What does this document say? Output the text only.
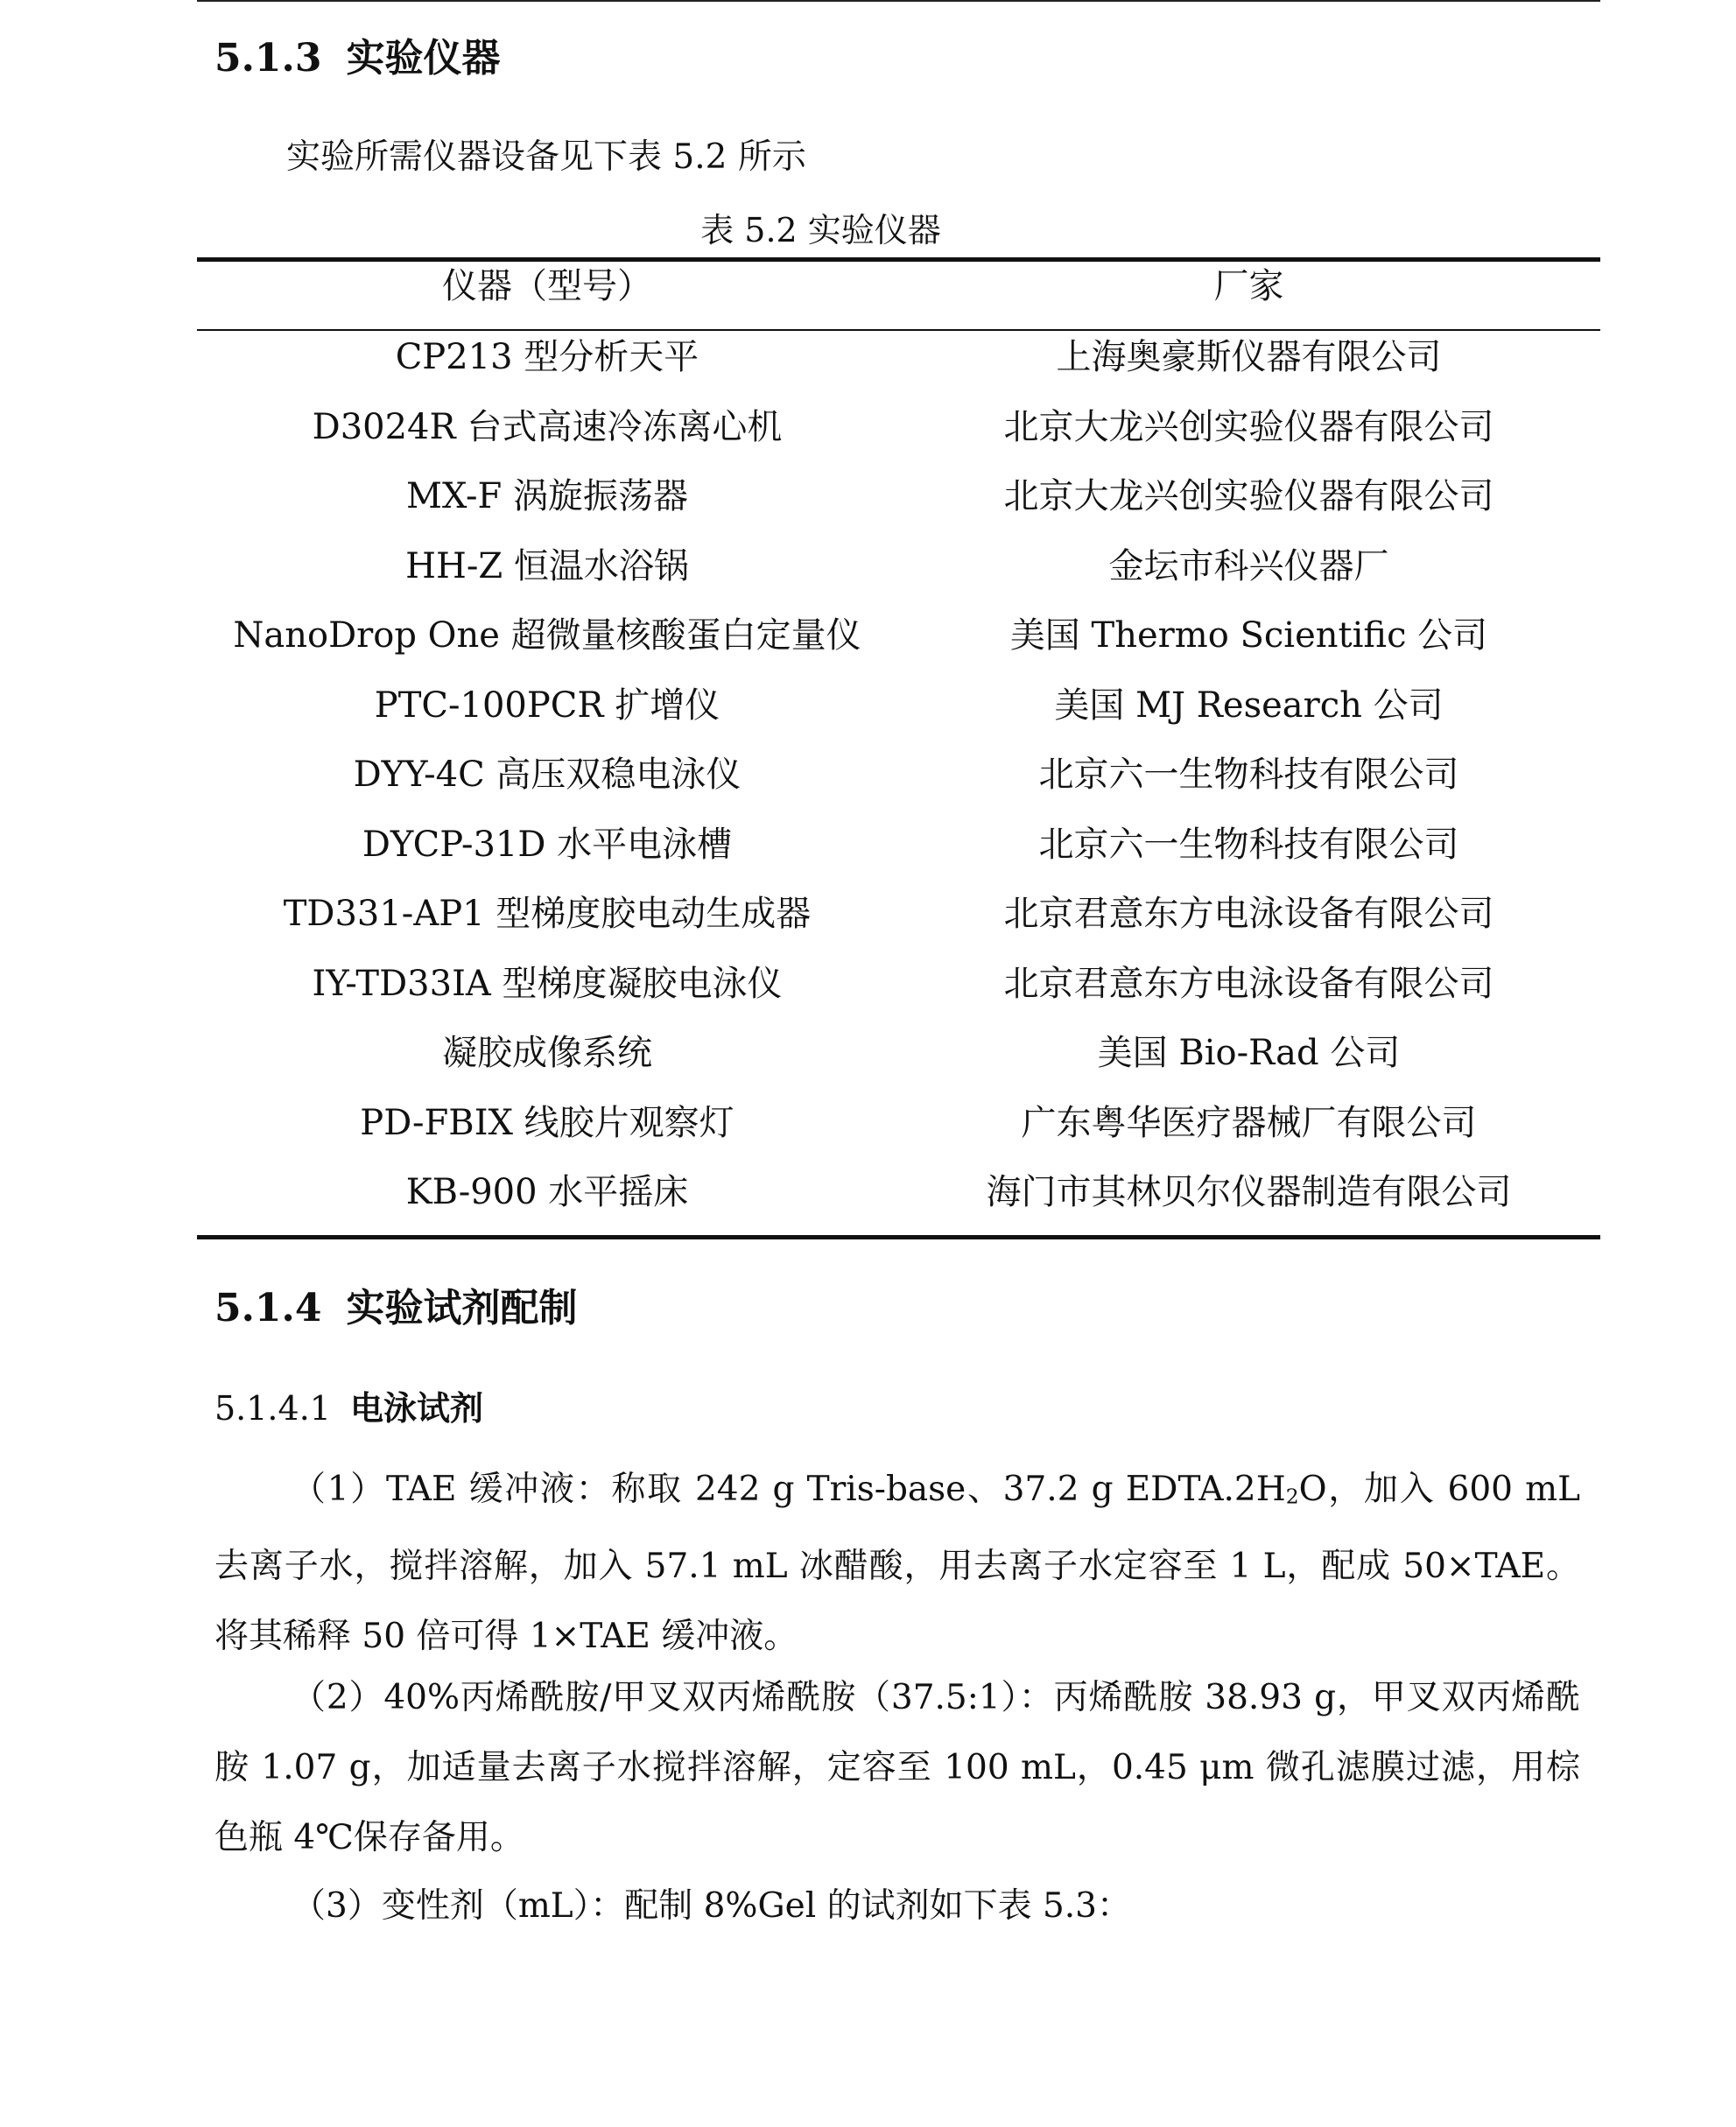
5.1.3 实验仪器
实验所需仪器设备见下表 5.2 所示
表 5.2 实验仪器
仪器（型号）	厂家
CP213 型分析天平	上海奥豪斯仪器有限公司
D3024R 台式高速冷冻离心机	北京大龙兴创实验仪器有限公司
MX-F 涡旋振荡器	北京大龙兴创实验仪器有限公司
HH-Z 恒温水浴锅	金坛市科兴仪器厂
NanoDrop One 超微量核酸蛋白定量仪	美国 Thermo Scientific 公司
PTC-100PCR 扩增仪	美国 MJ Research 公司
DYY-4C 高压双稳电泳仪	北京六一生物科技有限公司
DYCP-31D 水平电泳槽	北京六一生物科技有限公司
TD331-AP1 型梯度胶电动生成器	北京君意东方电泳设备有限公司
IY-TD33IA 型梯度凝胶电泳仪	北京君意东方电泳设备有限公司
凝胶成像系统	美国 Bio-Rad 公司
PD-FBIX 线胶片观察灯	广东粤华医疗器械厂有限公司
KB-900 水平摇床	海门市其林贝尔仪器制造有限公司
5.1.4 实验试剂配制
5.1.4.1 电泳试剂
（1）TAE 缓冲液：称取 242 g Tris-base、37.2 g $EDTA.2H_2O$，加入 600 mL 去离子水，搅拌溶解，加入 57.1 mL 冰醋酸，用去离子水定容至 1 L，配成 50×TAE。将其稀释 50 倍可得 1×TAE 缓冲液。
（2）40%丙烯酰胺/甲叉双丙烯酰胺（37.5:1）：丙烯酰胺 38.93 g，甲叉双丙烯酰胺 1.07 g，加适量去离子水搅拌溶解，定容至 100 mL，0.45 μm 微孔滤膜过滤，用棕色瓶 4℃保存备用。
（3）变性剂（mL）：配制 8%Gel 的试剂如下表 5.3：
